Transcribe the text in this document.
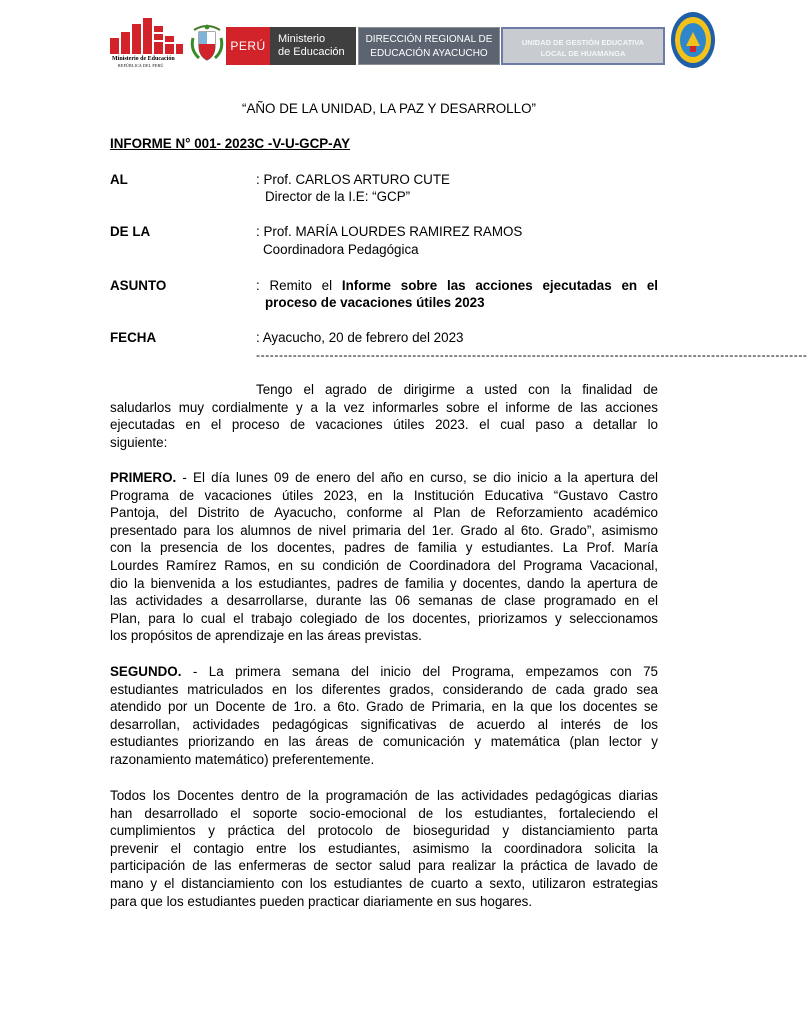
Ministerio de Educación
REPÚBLICA DEL PERÚ
PERÚ	Ministerio
de Educación
DIRECCIÓN REGIONAL DE
EDUCACIÓN AYACUCHO
UNIDAD DE GESTIÓN EDUCATIVA
LOCAL DE HUAMANGA
“AÑO DE LA UNIDAD, LA PAZ Y DESARROLLO”
INFORME N° 001- 2023C -V-U-GCP-AY
AL	: Prof. CARLOS ARTURO CUTE
Director de la I.E: “GCP”
DE LA	: Prof. MARÍA LOURDES RAMIREZ RAMOS
Coordinadora Pedagógica
ASUNTO	: Remito el Informe sobre las acciones ejecutadas en el
proceso de vacaciones útiles 2023
FECHA	: Ayacucho, 20 de febrero del 2023
------------------------------------------------------------------------------------------------------------------------
Tengo el agrado de dirigirme a usted con la finalidad de
saludarlos muy cordialmente y a la vez informarles sobre el informe de las acciones
ejecutadas en el proceso de vacaciones útiles 2023. el cual paso a detallar lo
siguiente:
PRIMERO. - El día lunes 09 de enero del año en curso, se dio inicio a la apertura del
Programa de vacaciones útiles 2023, en la Institución Educativa “Gustavo Castro
Pantoja, del Distrito de Ayacucho, conforme al Plan de Reforzamiento académico
presentado para los alumnos de nivel primaria del 1er. Grado al 6to. Grado”, asimismo
con la presencia de los docentes, padres de familia y estudiantes. La Prof. María
Lourdes Ramírez Ramos, en su condición de Coordinadora del Programa Vacacional,
dio la bienvenida a los estudiantes, padres de familia y docentes, dando la apertura de
las actividades a desarrollarse, durante las 06 semanas de clase programado en el
Plan, para lo cual el trabajo colegiado de los docentes, priorizamos y seleccionamos
los propósitos de aprendizaje en las áreas previstas.
SEGUNDO. - La primera semana del inicio del Programa, empezamos con 75
estudiantes matriculados en los diferentes grados, considerando de cada grado sea
atendido por un Docente de 1ro. a 6to. Grado de Primaria, en la que los docentes se
desarrollan, actividades pedagógicas significativas de acuerdo al interés de los
estudiantes priorizando en las áreas de comunicación y matemática (plan lector y
razonamiento matemático) preferentemente.
Todos los Docentes dentro de la programación de las actividades pedagógicas diarias
han desarrollado el soporte socio-emocional de los estudiantes, fortaleciendo el
cumplimientos y práctica del protocolo de bioseguridad y distanciamiento parta
prevenir el contagio entre los estudiantes, asimismo la coordinadora solicita la
participación de las enfermeras de sector salud para realizar la práctica de lavado de
mano y el distanciamiento con los estudiantes de cuarto a sexto, utilizaron estrategias
para que los estudiantes pueden practicar diariamente en sus hogares.
